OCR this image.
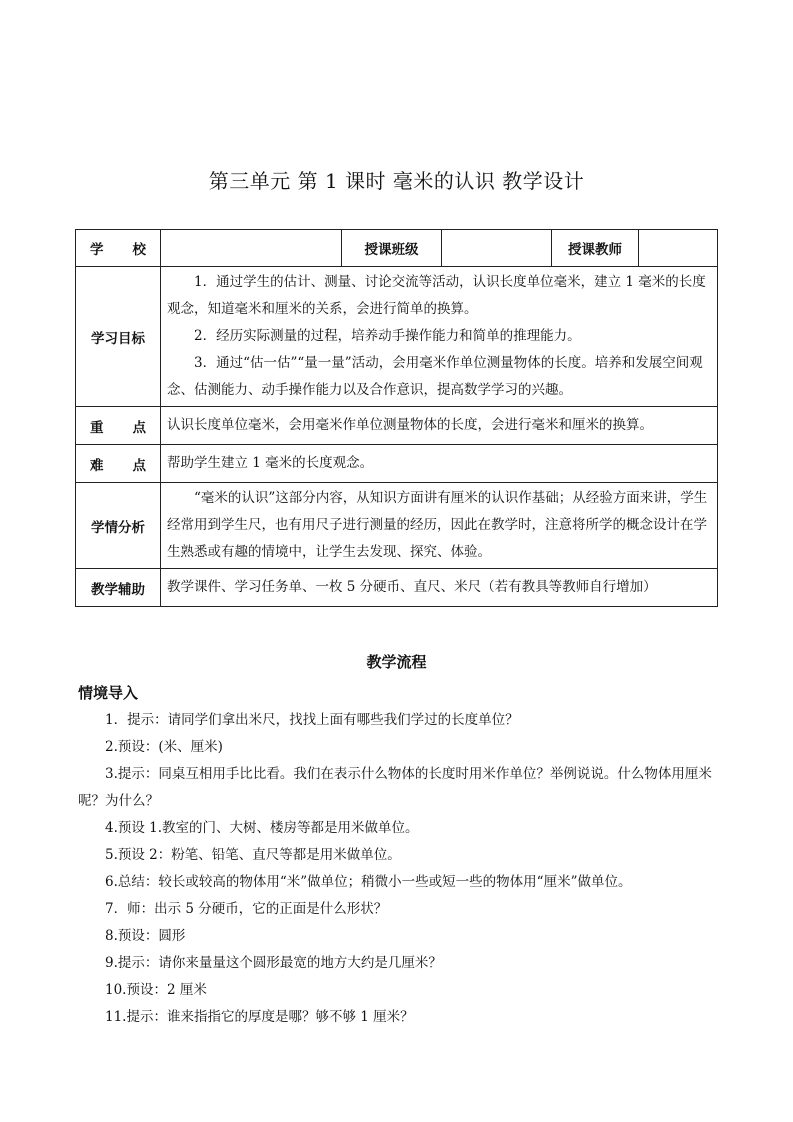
第三单元 第 1 课时 毫米的认识 教学设计
学 校		授课班级		授课教师	
学习目标	1．通过学生的估计、测量、讨论交流等活动，认识长度单位毫米，建立 1 毫米的长度观念，知道毫米和厘米的关系，会进行简单的换算。

2．经历实际测量的过程，培养动手操作能力和简单的推理能力。

3．通过“估一估”“量一量”活动，会用毫米作单位测量物体的长度。培养和发展空间观念、估测能力、动手操作能力以及合作意识，提高数学学习的兴趣。				

重 点	认识长度单位毫米，会用毫米作单位测量物体的长度，会进行毫米和厘米的换算。				
难 点	帮助学生建立 1 毫米的长度观念。				
学情分析	“毫米的认识”这部分内容，从知识方面讲有厘米的认识作基础；从经验方面来讲，学生经常用到学生尺，也有用尺子进行测量的经历，因此在教学时，注意将所学的概念设计在学生熟悉或有趣的情境中，让学生去发现、探究、体验。				

教学辅助	教学课件、学习任务单、一枚 5 分硬币、直尺、米尺（若有教具等教师自行增加）				
教学流程
情境导入

1．提示：请同学们拿出米尺，找找上面有哪些我们学过的长度单位？

2.预设：(米、厘米)

3.提示：同桌互相用手比比看。我们在表示什么物体的长度时用米作单位？举例说说。什么物体用厘米呢？为什么？

4.预设 1.教室的门、大树、楼房等都是用米做单位。

5.预设 2：粉笔、铅笔、直尺等都是用米做单位。

6.总结：较长或较高的物体用“米”做单位；稍微小一些或短一些的物体用“厘米”做单位。

7．师：出示 5 分硬币，它的正面是什么形状？

8.预设：圆形

9.提示：请你来量量这个圆形最宽的地方大约是几厘米？

10.预设：2 厘米

11.提示：谁来指指它的厚度是哪？够不够 1 厘米？
